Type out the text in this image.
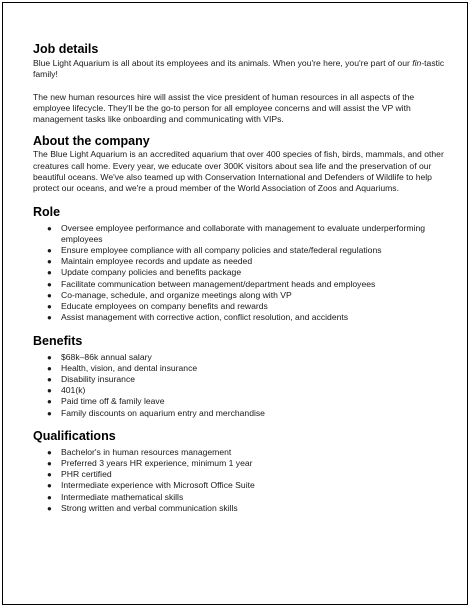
Job details

Blue Light Aquarium is all about its employees and its animals. When you're here, you're part of our fin-tastic family!

The new human resources hire will assist the vice president of human resources in all aspects of the employee lifecycle. They'll be the go-to person for all employee concerns and will assist the VP with management tasks like onboarding and communicating with VIPs.

About the company

The Blue Light Aquarium is an accredited aquarium that over 400 species of fish, birds, mammals, and other creatures call home. Every year, we educate over 300K visitors about sea life and the preservation of our beautiful oceans. We've also teamed up with Conservation International and Defenders of Wildlife to help protect our oceans, and we're a proud member of the World Association of Zoos and Aquariums.

Role
● Oversee employee performance and collaborate with management to evaluate underperforming employees
● Ensure employee compliance with all company policies and state/federal regulations
● Maintain employee records and update as needed
● Update company policies and benefits package
● Facilitate communication between management/department heads and employees
● Co-manage, schedule, and organize meetings along with VP
● Educate employees on company benefits and rewards
● Assist management with corrective action, conflict resolution, and accidents
Benefits
● $68k–86k annual salary
● Health, vision, and dental insurance
● Disability insurance
● 401(k)
● Paid time off & family leave
● Family discounts on aquarium entry and merchandise
Qualifications
● Bachelor's in human resources management
● Preferred 3 years HR experience, minimum 1 year
● PHR certified
● Intermediate experience with Microsoft Office Suite
● Intermediate mathematical skills
● Strong written and verbal communication skills
